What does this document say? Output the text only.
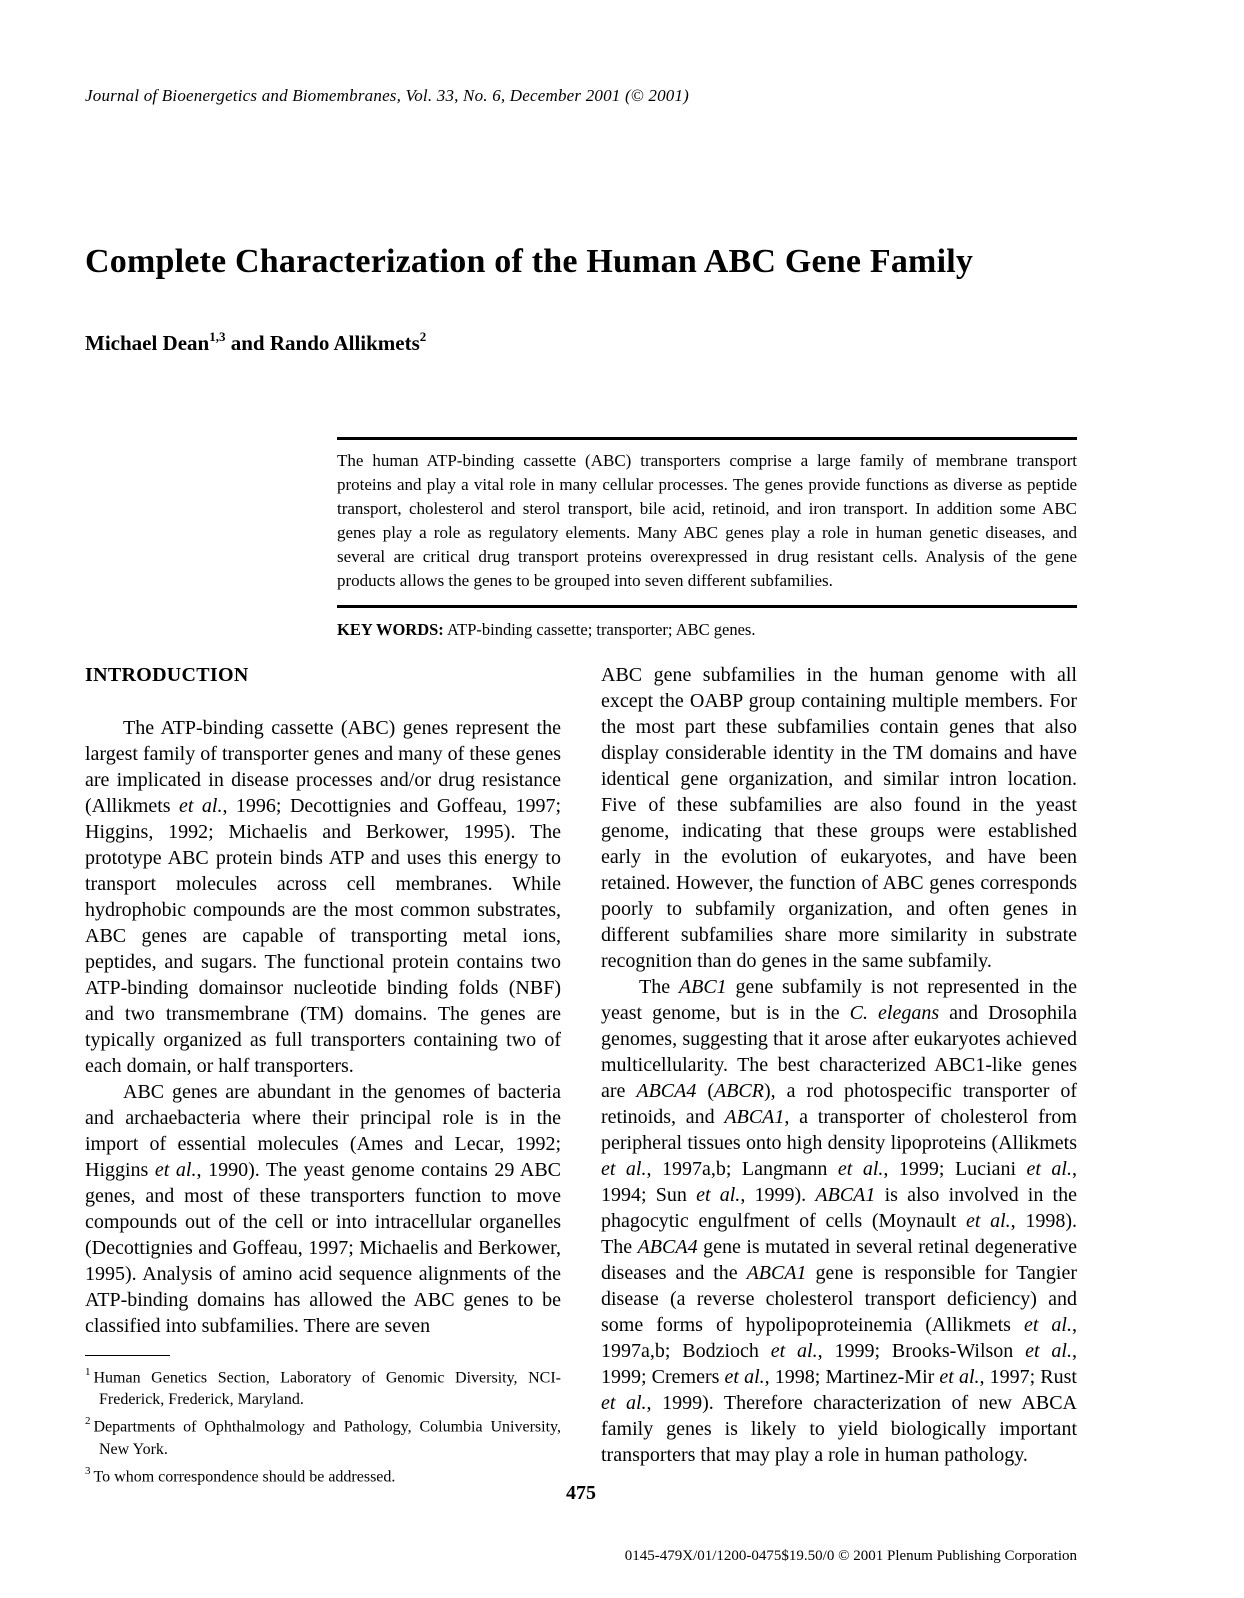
Journal of Bioenergetics and Biomembranes, Vol. 33, No. 6, December 2001 (© 2001)
Complete Characterization of the Human ABC Gene Family
Michael Dean$^{1,3}$ and Rando Allikmets$^2$

The human ATP-binding cassette (ABC) transporters comprise a large family of membrane transport proteins and play a vital role in many cellular processes. The genes provide functions as diverse as peptide transport, cholesterol and sterol transport, bile acid, retinoid, and iron transport. In addition some ABC genes play a role as regulatory elements. Many ABC genes play a role in human genetic diseases, and several are critical drug transport proteins overexpressed in drug resistant cells. Analysis of the gene products allows the genes to be grouped into seven different subfamilies.

KEY WORDS: ATP-binding cassette; transporter; ABC genes.
INTRODUCTION

The ATP-binding cassette (ABC) genes represent the largest family of transporter genes and many of these genes are implicated in disease processes and/or drug resistance (Allikmets et al., 1996; Decottignies and Goffeau, 1997; Higgins, 1992; Michaelis and Berkower, 1995). The prototype ABC protein binds ATP and uses this energy to transport molecules across cell membranes. While hydrophobic compounds are the most common substrates, ABC genes are capable of transporting metal ions, peptides, and sugars. The functional protein contains two ATP-binding domainsor nucleotide binding folds (NBF) and two transmembrane (TM) domains. The genes are typically organized as full transporters containing two of each domain, or half transporters.

ABC genes are abundant in the genomes of bacteria and archaebacteria where their principal role is in the import of essential molecules (Ames and Lecar, 1992; Higgins et al., 1990). The yeast genome contains 29 ABC genes, and most of these transporters function to move compounds out of the cell or into intracellular organelles (Decottignies and Goffeau, 1997; Michaelis and Berkower, 1995). Analysis of amino acid sequence alignments of the ATP-binding domains has allowed the ABC genes to be classified into subfamilies. There are seven

$^1$ Human Genetics Section, Laboratory of Genomic Diversity, NCI-Frederick, Frederick, Maryland.
$^2$ Departments of Ophthalmology and Pathology, Columbia University, New York.
$^3$ To whom correspondence should be addressed.

ABC gene subfamilies in the human genome with all except the OABP group containing multiple members. For the most part these subfamilies contain genes that also display considerable identity in the TM domains and have identical gene organization, and similar intron location. Five of these subfamilies are also found in the yeast genome, indicating that these groups were established early in the evolution of eukaryotes, and have been retained. However, the function of ABC genes corresponds poorly to subfamily organization, and often genes in different subfamilies share more similarity in substrate recognition than do genes in the same subfamily.

The ABC1 gene subfamily is not represented in the yeast genome, but is in the C. elegans and Drosophila genomes, suggesting that it arose after eukaryotes achieved multicellularity. The best characterized ABC1-like genes are ABCA4 (ABCR), a rod photospecific transporter of retinoids, and ABCA1, a transporter of cholesterol from peripheral tissues onto high density lipoproteins (Allikmets et al., 1997a,b; Langmann et al., 1999; Luciani et al., 1994; Sun et al., 1999). ABCA1 is also involved in the phagocytic engulfment of cells (Moynault et al., 1998). The ABCA4 gene is mutated in several retinal degenerative diseases and the ABCA1 gene is responsible for Tangier disease (a reverse cholesterol transport deficiency) and some forms of hypolipoproteinemia (Allikmets et al., 1997a,b; Bodzioch et al., 1999; Brooks-Wilson et al., 1999; Cremers et al., 1998; Martinez-Mir et al., 1997; Rust et al., 1999). Therefore characterization of new ABCA family genes is likely to yield biologically important transporters that may play a role in human pathology.

475
0145-479X/01/1200-0475$19.50/0 © 2001 Plenum Publishing Corporation
